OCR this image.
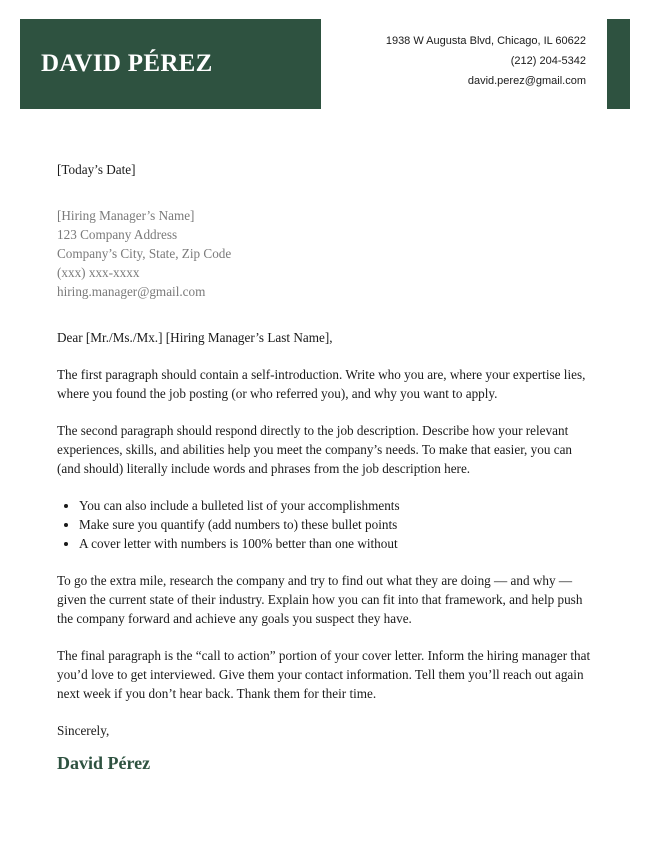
DAVID PÉREZ
1938 W Augusta Blvd, Chicago, IL 60622
(212) 204-5342
david.perez@gmail.com
[Today’s Date]
[Hiring Manager’s Name]
123 Company Address
Company’s City, State, Zip Code
(xxx) xxx-xxxx
hiring.manager@gmail.com
Dear [Mr./Ms./Mx.] [Hiring Manager’s Last Name],

The first paragraph should contain a self-introduction. Write who you are, where your expertise lies, where you found the job posting (or who referred you), and why you want to apply.

The second paragraph should respond directly to the job description. Describe how your relevant experiences, skills, and abilities help you meet the company’s needs. To make that easier, you can (and should) literally include words and phrases from the job description here.

• You can also include a bulleted list of your accomplishments
• Make sure you quantify (add numbers to) these bullet points
• A cover letter with numbers is 100% better than one without

To go the extra mile, research the company and try to find out what they are doing — and why — given the current state of their industry. Explain how you can fit into that framework, and help push the company forward and achieve any goals you suspect they have.

The final paragraph is the “call to action” portion of your cover letter. Inform the hiring manager that you’d love to get interviewed. Give them your contact information. Tell them you’ll reach out again next week if you don’t hear back. Thank them for their time.

Sincerely,
David Pérez
